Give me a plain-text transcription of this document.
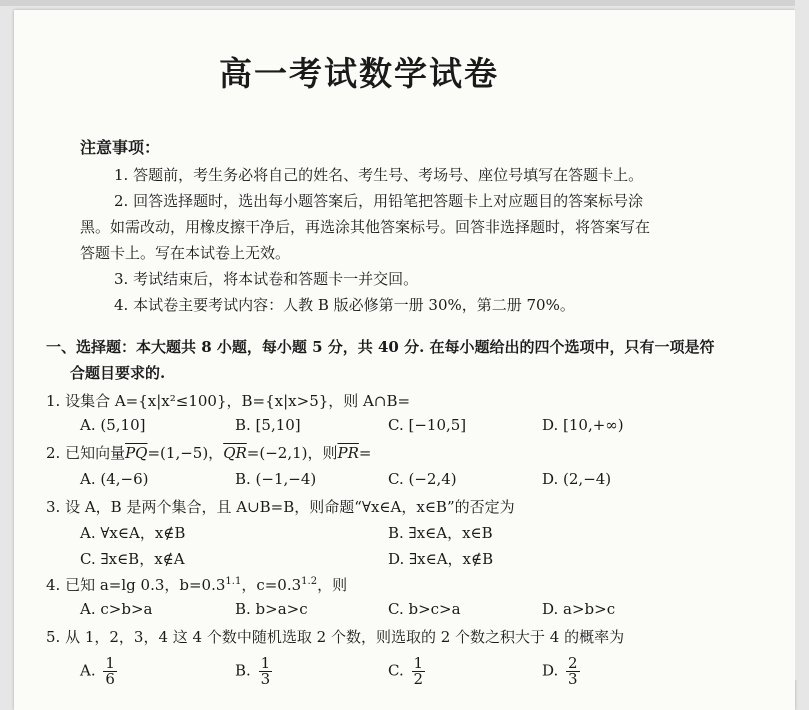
高一考试数学试卷
注意事项：
1. 答题前，考生务必将自己的姓名、考生号、考场号、座位号填写在答题卡上。
2. 回答选择题时，选出每小题答案后，用铅笔把答题卡上对应题目的答案标号涂
黑。如需改动，用橡皮擦干净后，再选涂其他答案标号。回答非选择题时，将答案写在
答题卡上。写在本试卷上无效。
3. 考试结束后，将本试卷和答题卡一并交回。
4. 本试卷主要考试内容：人教 B 版必修第一册 30%，第二册 70%。
一、选择题：本大题共 8 小题，每小题 5 分，共 40 分. 在每小题给出的四个选项中，只有一项是符
合题目要求的.
1. 设集合 A={x|x²≤100}，B={x|x>5}，则 A∩B=
A. (5,10]	B. [5,10]	C. [−10,5]	D. [10,+∞)
2. 已知向量$\overline{PQ}=(1,-5)$，$\overline{QR}=(-2,1)$，则$\overline{PR}=$
A. (4,−6)	B. (−1,−4)	C. (−2,4)	D. (2,−4)
3. 设 A，B 是两个集合，且 A∪B=B，则命题“∀x∈A，x∈B”的否定为
A. ∀x∈A，x∉B	B. ∃x∈A，x∈B
C. ∃x∈B，x∉A	D. ∃x∈A，x∉B
4. 已知 a=lg 0.3，$b=0.3^{1.1}$，$c=0.3^{1.2}$，则
A. c>b>a	B. b>a>c	C. b>c>a	D. a>b>c
5. 从 1，2，3，4 这 4 个数中随机选取 2 个数，则选取的 2 个数之积大于 4 的概率为
A. $\frac{1}{6}$	B. $\frac{1}{3}$	C. $\frac{1}{2}$	D. $\frac{2}{3}$
